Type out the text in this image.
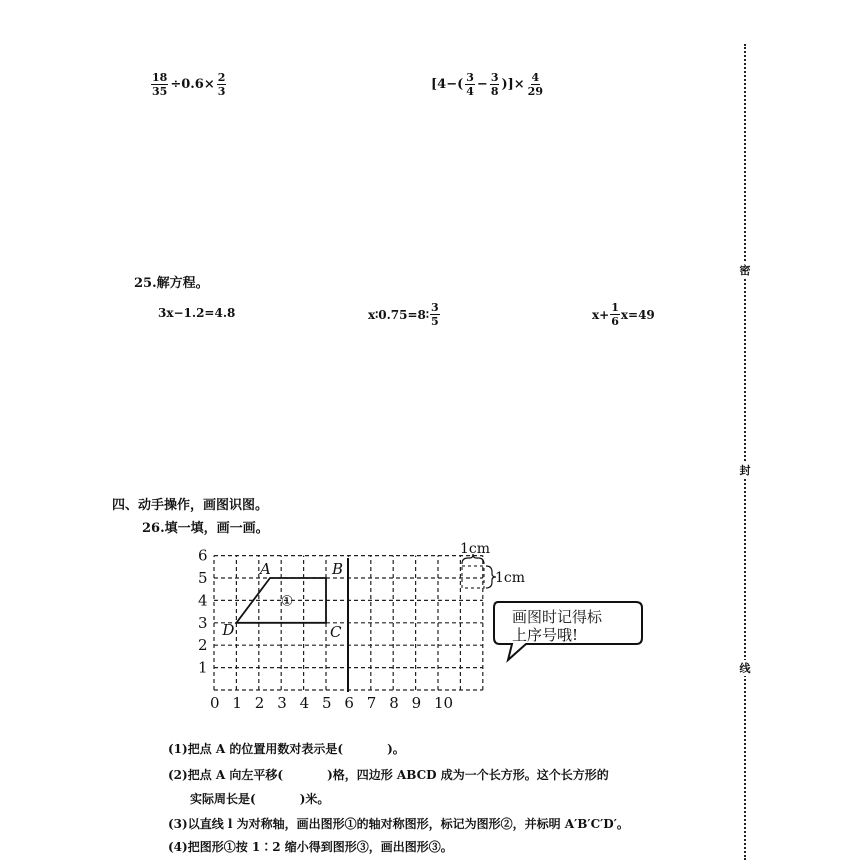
$\frac{18}{35} \div 0.6\times \frac{2}{3}$	[$4-( \frac{3}{4} - \frac{3}{8}$ )]× $\frac{4}{29}$
25.解方程。
3x−1.2=4.8	x∶0.75=8∶ $\frac{3}{5}$	$x+ \frac{1}{6} x=49$
四、动手操作，画图识图。
26.填一填，画一画。
0 1 2 3 4 5 6 7 8 9 10
1
2
3
4
5
6
A	B
C
D
①
1cm
1cm
画图时记得标
上序号哦!
(1)把点 A 的位置用数对表示是(	)。
(2)把点 A 向左平移(	)格，四边形 ABCD 成为一个长方形。这个长方形的
实际周长是(	)米。
(3)以直线 l 为对称轴，画出图形①的轴对称图形，标记为图形②，并标明 A′B′C′D′。
(4)把图形①按 1∶2 缩小得到图形③，画出图形③。
密
封
线
